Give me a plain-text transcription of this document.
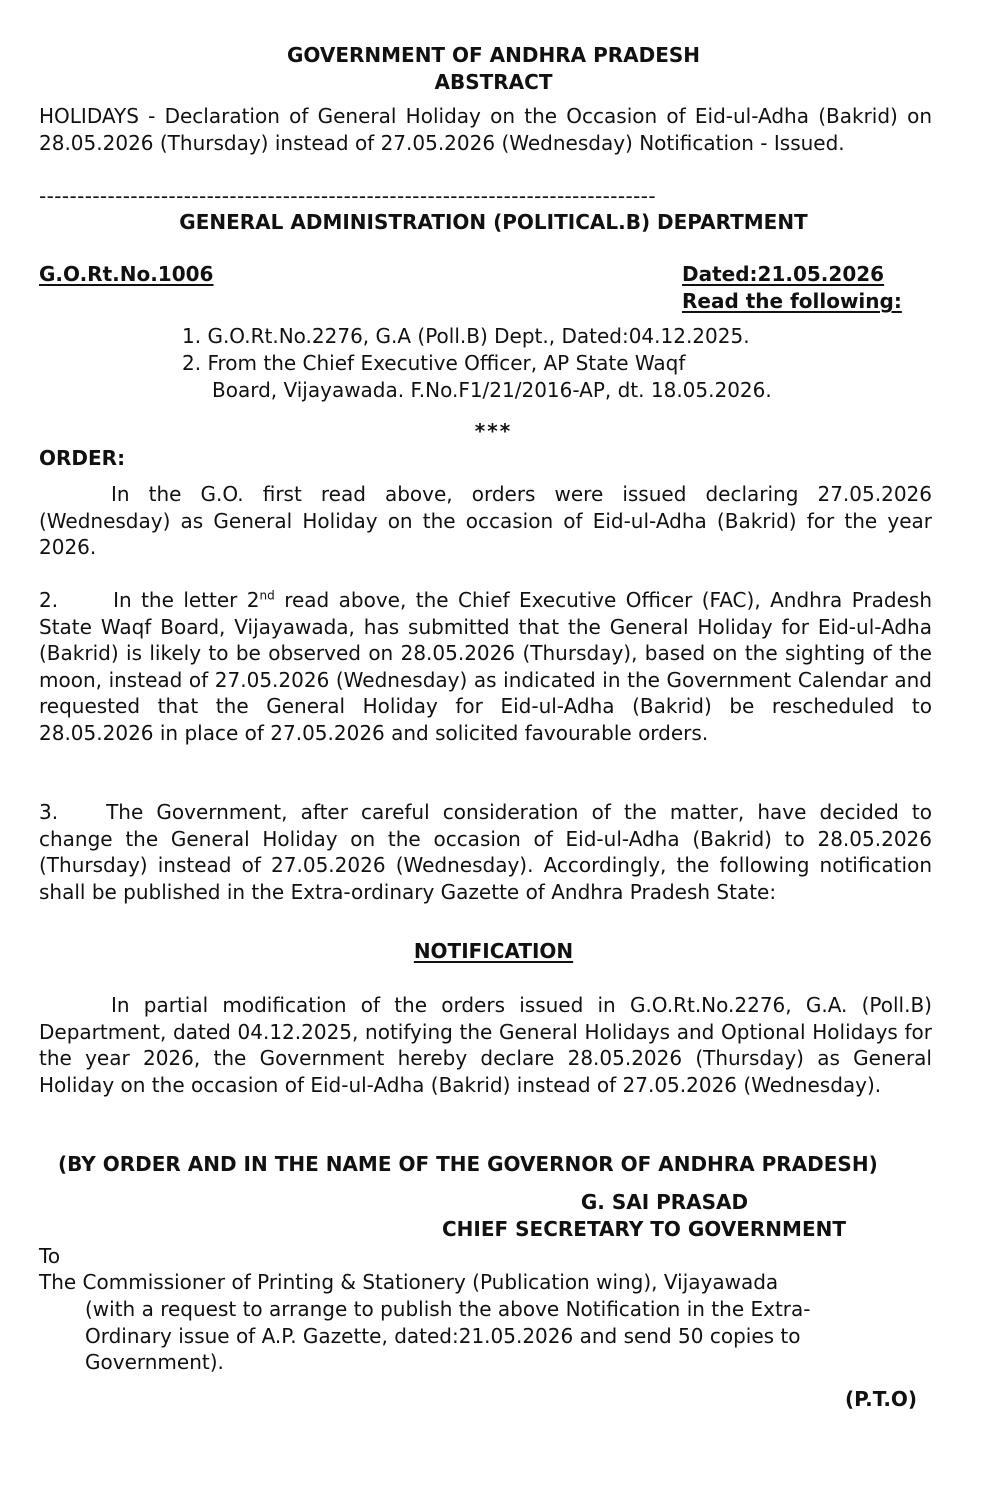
GOVERNMENT OF ANDHRA PRADESH
ABSTRACT
HOLIDAYS - Declaration of General Holiday on the Occasion of Eid-ul-Adha (Bakrid) on 28.05.2026 (Thursday) instead of 27.05.2026 (Wednesday) Notification - Issued.
---------------------------------------------------------------------------------
GENERAL ADMINISTRATION (POLITICAL.B) DEPARTMENT
G.O.Rt.No.1006	Dated:21.05.2026
Read the following:
1. G.O.Rt.No.2276, G.A (Poll.B) Dept., Dated:04.12.2025.
2. From the Chief Executive Officer, AP State Waqf
Board, Vijayawada. F.No.F1/21/2016-AP, dt. 18.05.2026.
***
ORDER:
In the G.O. first read above, orders were issued declaring 27.05.2026 (Wednesday) as General Holiday on the occasion of Eid-ul-Adha (Bakrid) for the year 2026.
2.	In the letter 2nd read above, the Chief Executive Officer (FAC), Andhra Pradesh State Waqf Board, Vijayawada, has submitted that the General Holiday for Eid-ul-Adha (Bakrid) is likely to be observed on 28.05.2026 (Thursday), based on the sighting of the moon, instead of 27.05.2026 (Wednesday) as indicated in the Government Calendar and requested that the General Holiday for Eid-ul-Adha (Bakrid) be rescheduled to 28.05.2026 in place of 27.05.2026 and solicited favourable orders.
3. The Government, after careful consideration of the matter, have decided to change the General Holiday on the occasion of Eid-ul-Adha (Bakrid) to 28.05.2026 (Thursday) instead of 27.05.2026 (Wednesday). Accordingly, the following notification shall be published in the Extra-ordinary Gazette of Andhra Pradesh State:
NOTIFICATION
In partial modification of the orders issued in G.O.Rt.No.2276, G.A. (Poll.B) Department, dated 04.12.2025, notifying the General Holidays and Optional Holidays for the year 2026, the Government hereby declare 28.05.2026 (Thursday) as General Holiday on the occasion of Eid-ul-Adha (Bakrid) instead of 27.05.2026 (Wednesday).
(BY ORDER AND IN THE NAME OF THE GOVERNOR OF ANDHRA PRADESH)
G. SAI PRASAD
CHIEF SECRETARY TO GOVERNMENT
To
The Commissioner of Printing & Stationery (Publication wing), Vijayawada
(with a request to arrange to publish the above Notification in the Extra-Ordinary issue of A.P. Gazette, dated:21.05.2026 and send 50 copies to Government).
(P.T.O)
